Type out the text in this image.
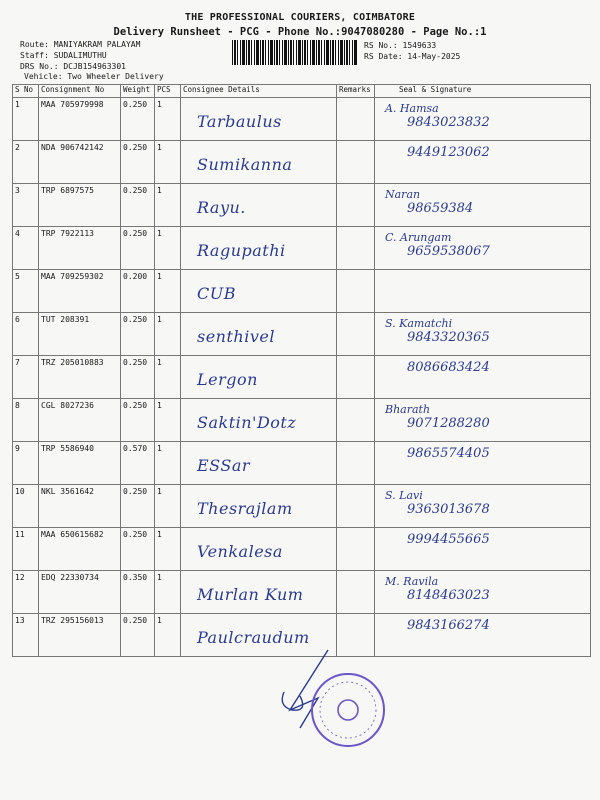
THE PROFESSIONAL COURIERS, COIMBATORE
Delivery Runsheet - PCG - Phone No.:9047080280 - Page No.:1
Route: MANIYAKRAM PALAYAM
Staff: SUDALIMUTHU
DRS No.: DCJB154963301
Vehicle: Two Wheeler Delivery
RS No.: 1549633
RS Date: 14-May-2025
S No	Consignment No	Weight	PCS	Consignee Details	Remarks	Seal & Signature
1	MAA 705979998	0.250	1	Tarbaulus		A. Hamsa
9843023832

2	NDA 906742142	0.250	1	Sumikanna		9449123062

3	TRP 6897575	0.250	1	Rayu.		Naran
98659384

4	TRP 7922113	0.250	1	Ragupathi		C. Arungam
9659538067

5	MAA 709259302	0.200	1	CUB		

6	TUT 208391	0.250	1	senthivel		S. Kamatchi
9843320365

7	TRZ 205010883	0.250	1	Lergon		8086683424

8	CGL 8027236	0.250	1	Saktin'Dotz		Bharath
9071288280

9	TRP 5586940	0.570	1	ESSar		9865574405

10	NKL 3561642	0.250	1	Thesrajlam		S. Lavi
9363013678

11	MAA 650615682	0.250	1	Venkalesa		9994455665

12	EDQ 22330734	0.350	1	Murlan Kum		M. Ravila
8148463023

13	TRZ 295156013	0.250	1	Paulcraudum		9843166274
